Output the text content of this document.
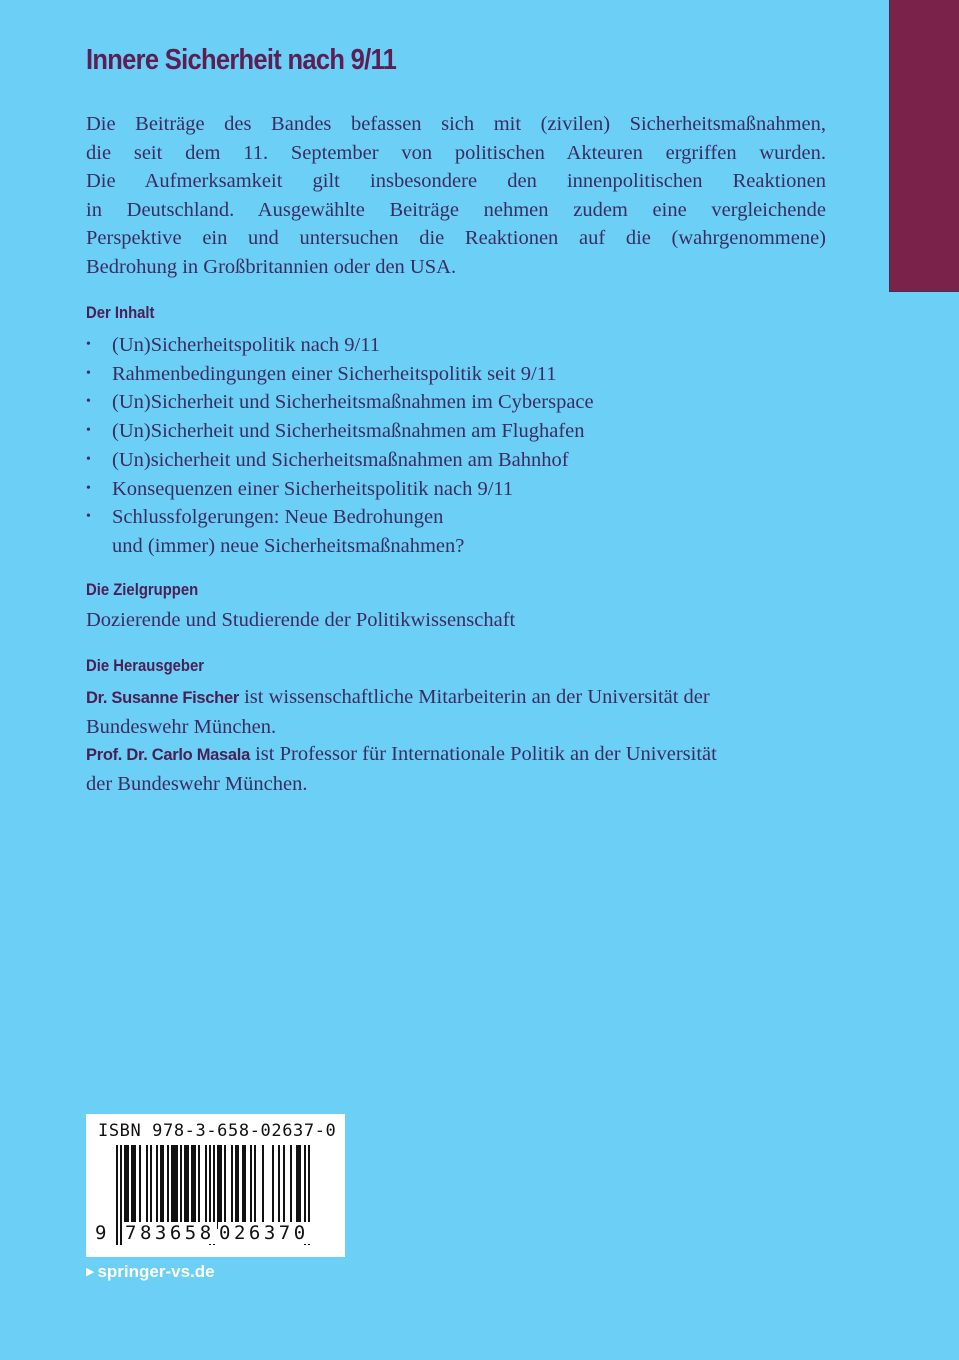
Innere Sicherheit nach 9/11
Die Beiträge des Bandes befassen sich mit (zivilen) Sicherheitsmaßnahmen,
die seit dem 11. September von politischen Akteuren ergriffen wurden.
Die Aufmerksamkeit gilt insbesondere den innenpolitischen Reaktionen
in Deutschland. Ausgewählte Beiträge nehmen zudem eine vergleichende
Perspektive ein und untersuchen die Reaktionen auf die (wahrgenommene)
Bedrohung in Großbritannien oder den USA.
Der Inhalt
• (Un)Sicherheitspolitik nach 9/11
• Rahmenbedingungen einer Sicherheitspolitik seit 9/11
• (Un)Sicherheit und Sicherheitsmaßnahmen im Cyberspace
• (Un)Sicherheit und Sicherheitsmaßnahmen am Flughafen
• (Un)sicherheit und Sicherheitsmaßnahmen am Bahnhof
• Konsequenzen einer Sicherheitspolitik nach 9/11
• Schlussfolgerungen: Neue Bedrohungen
und (immer) neue Sicherheitsmaßnahmen?
Die Zielgruppen
Dozierende und Studierende der Politikwissenschaft
Die Herausgeber
Dr. Susanne Fischer ist wissenschaftliche Mitarbeiterin an der Universität der
Bundeswehr München.
Prof. Dr. Carlo Masala ist Professor für Internationale Politik an der Universität
der Bundeswehr München.
ISBN 978-3-658-02637-0
9 783658 026370
▶ springer-vs.de
